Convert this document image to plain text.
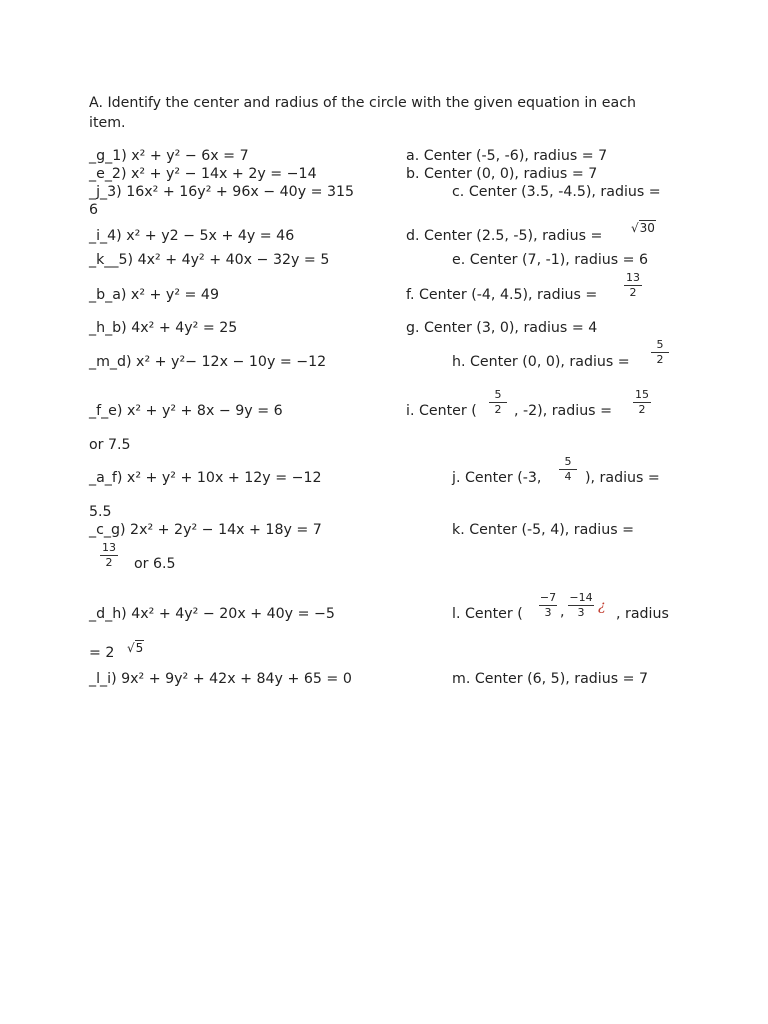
A. Identify the center and radius of the circle with the given equation in each
item.
_g_1) x² + y² − 6x = 7
_e_2) x² + y² − 14x + 2y = −14
_j_3) 16x² + 16y² + 96x − 40y = 315
6
_i_4) x² + y2 − 5x + 4y = 46
_k__5) 4x² + 4y² + 40x − 32y = 5
_b_a) x² + y² = 49
_h_b) 4x² + 4y² = 25
_m_d) x² + y²− 12x − 10y = −12
_f_e) x² + y² + 8x − 9y = 6
or 7.5
_a_f) x² + y² + 10x + 12y = −12
5.5
_c_g) 2x² + 2y² − 14x + 18y = 7
13
2	or 6.5
_d_h) 4x² + 4y² − 20x + 40y = −5
= 2 √5
_l_i) 9x² + 9y² + 42x + 84y + 65 = 0
a. Center (-5, -6), radius = 7
b. Center (0, 0), radius = 7
c. Center (3.5, -4.5), radius =
d. Center (2.5, -5), radius = √30
e. Center (7, -1), radius = 6
f. Center (-4, 4.5), radius =
13
2
g. Center (3, 0), radius = 4
h. Center (0, 0), radius =
5
2
i. Center (
5
2 , -2), radius =
15
2
j. Center (-3,
5
4 ), radius =
k. Center (-5, 4), radius =
l. Center (
−7
3 ,
−14
3 ¿ , radius
m. Center (6, 5), radius = 7
